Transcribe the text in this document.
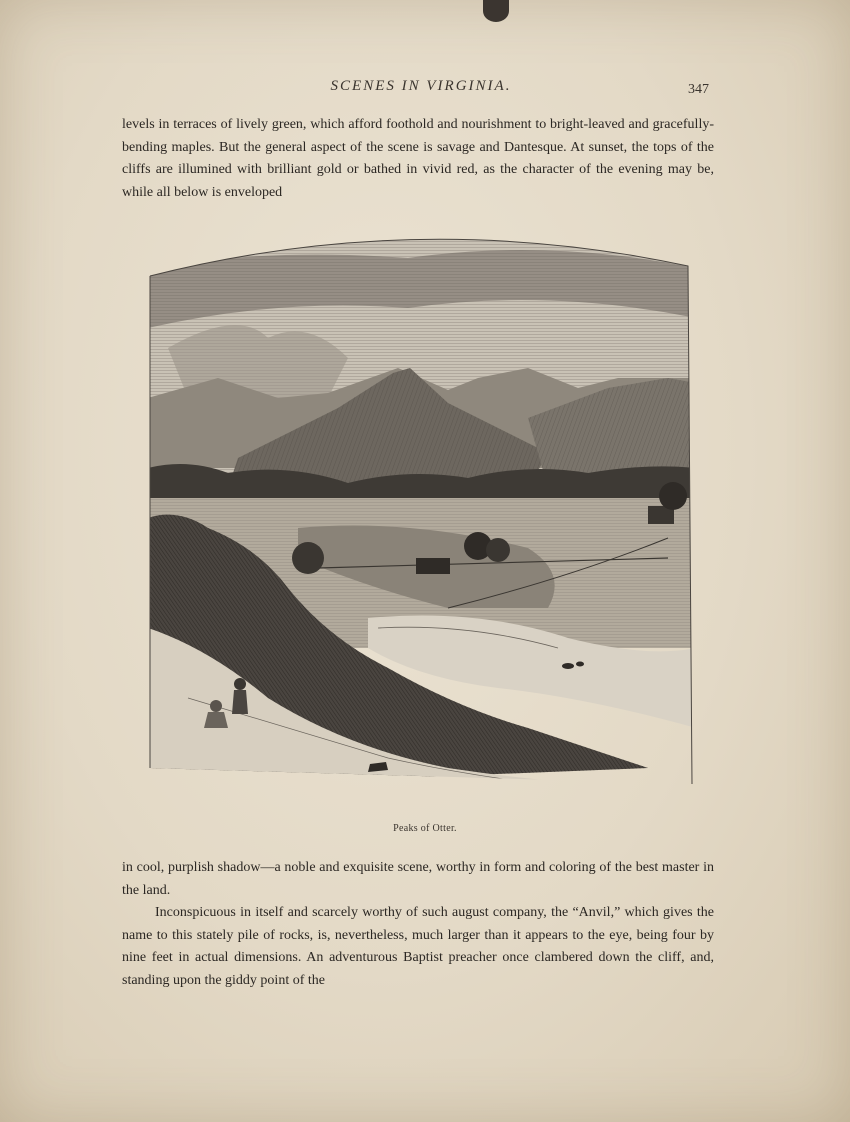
SCENES IN VIRGINIA.	347

levels in terraces of lively green, which afford foothold and nourishment to bright-leaved and gracefully-bending maples. But the general aspect of the scene is savage and Dantesque. At sunset, the tops of the cliffs are illumined with brilliant gold or bathed in vivid red, as the character of the evening may be, while all below is enveloped

Peaks of Otter.

in cool, purplish shadow—a noble and exquisite scene, worthy in form and coloring of the best master in the land.

Inconspicuous in itself and scarcely worthy of such august company, the “Anvil,” which gives the name to this stately pile of rocks, is, nevertheless, much larger than it appears to the eye, being four by nine feet in actual dimensions. An adventurous Baptist preacher once clambered down the cliff, and, standing upon the giddy point of the
